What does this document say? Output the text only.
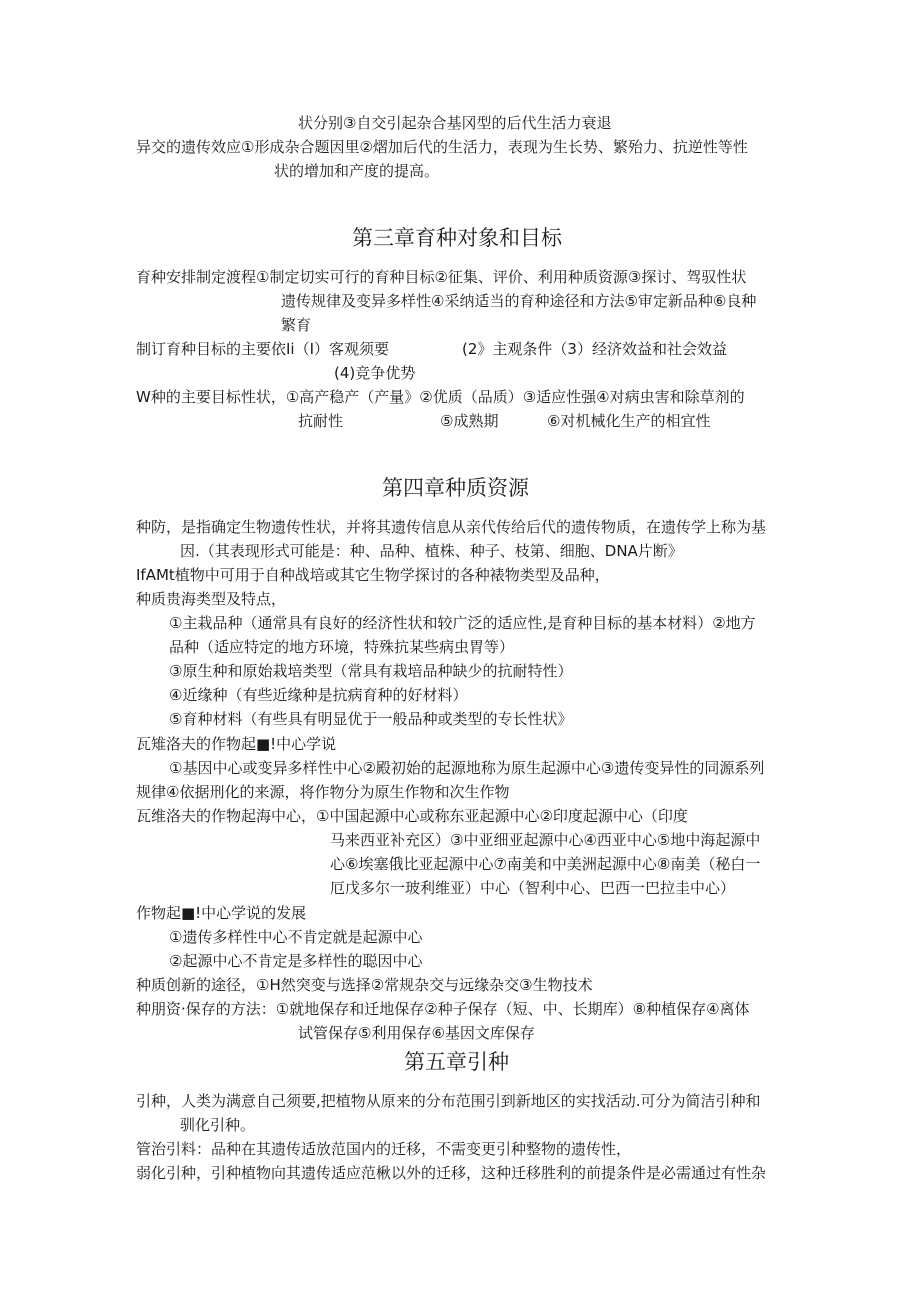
状分别③自交引起杂合基冈型的后代生活力衰退
异交的遗传效应①形成杂合题因里②熠加后代的生活力，表现为生长势、繁殆力、抗逆性等性
状的增加和产度的提高。
第三章育种对象和目标
育种安排制定渡程①制定切实可行的育种目标②征集、评价、利用种质资源③探讨、驾驭性状
遗传规律及变异多样性④采纳适当的育种途径和方法⑤审定新品种⑥良种
繁育
制订育种目标的主要依Ii（I）客观须要	(2》主观条件（3）经济效益和社会效益
(4)竞争优势
W种的主要目标性状，①高产稳产（产量》②优质（品质）③适应性强④对病虫害和除草剂的
抗耐性	⑤成熟期	⑥对机械化生产的相宜性
第四章种质资源
种防，是指确定生物遗传性状，并将其遗传信息从亲代传给后代的遗传物质，在遗传学上称为基
因.（其表现形式可能是：种、品种、植株、种子、枝第、细胞、DNA片断》
IfAMt植物中可用于自种战培或其它生物学探讨的各种裱物类型及品种，
种质贵海类型及特点，
①主栽品种（通常具有良好的经济性状和较广泛的适应性,是育种目标的基本材料）②地方
品种（适应特定的地方环境，特殊抗某些病虫胃等）
③原生种和原始栽培类型（常具有栽培品种缺少的抗耐特性）
④近缘种（有些近缘种是抗病育种的好材料）
⑤育种材料（有些具有明显优于一般品种或类型的专长性状》
瓦雉洛夫的作物起■!中心学说
①基因中心或变异多样性中心②殿初始的起源地称为原生起源中心③遗传变异性的同源系列
规律④依据刑化的来源，将作物分为原生作物和次生作物
瓦维洛夫的作物起海中心，①中国起源中心或称东亚起源中心②印度起源中心（印度
马来西亚补充区）③中亚细亚起源中心④西亚中心⑤地中海起源中
心⑥埃塞俄比亚起源中心⑦南美和中美洲起源中心⑧南美（秘白一
厄戊多尔一玻利维亚）中心（智利中心、巴西一巴拉圭中心）
作物起■!中心学说的发展
①遗传多样性中心不肯定就是起源中心
②起源中心不肯定是多样性的聪因中心
种质创新的途径，①H然突变与选择②常规杂交与远缘杂交③生物技术
种朋资·保存的方法：①就地保存和迁地保存②种子保存（短、中、长期库）⑧种植保存④离体
试管保存⑤利用保存⑥基因文库保存
第五章引种
引种，人类为满意自己须要,把植物从原来的分布范围引到新地区的实找活动.可分为简洁引种和
驯化引种。
管治引料：品种在其遗传适放范国内的迁移，不需变更引种整物的遗传性，
弱化引种，引种植物向其遗传适应范楸以外的迁移，这种迁移胜利的前提条件是必需通过有性杂
